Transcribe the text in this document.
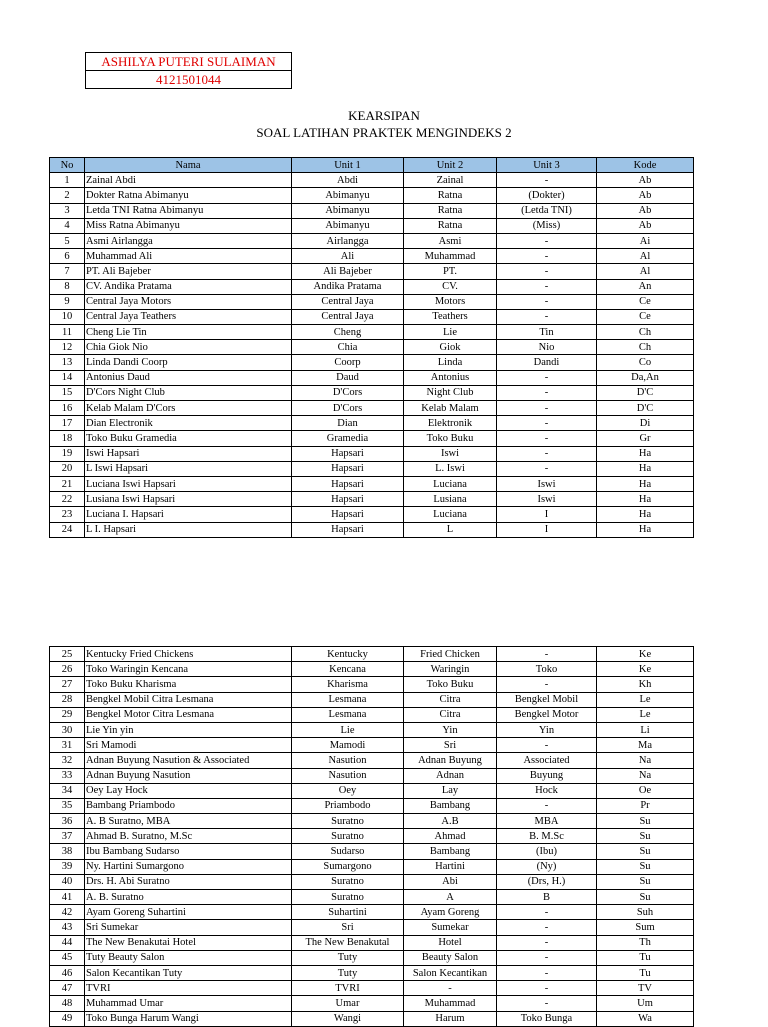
ASHILYA PUTERI SULAIMAN
4121501044
KEARSIPAN
SOAL LATIHAN PRAKTEK MENGINDEKS 2
No	Nama	Unit 1	Unit 2	Unit 3	Kode
1	Zainal Abdi	Abdi	Zainal	-	Ab
2	Dokter Ratna Abimanyu	Abimanyu	Ratna	(Dokter)	Ab
3	Letda TNI Ratna Abimanyu	Abimanyu	Ratna	(Letda TNI)	Ab
4	Miss Ratna Abimanyu	Abimanyu	Ratna	(Miss)	Ab
5	Asmi Airlangga	Airlangga	Asmi	-	Ai
6	Muhammad Ali	Ali	Muhammad	-	Al
7	PT. Ali Bajeber	Ali Bajeber	PT.	-	Al
8	CV. Andika Pratama	Andika Pratama	CV.	-	An
9	Central Jaya Motors	Central Jaya	Motors	-	Ce
10	Central Jaya Teathers	Central Jaya	Teathers	-	Ce
11	Cheng Lie Tin	Cheng	Lie	Tin	Ch
12	Chia Giok Nio	Chia	Giok	Nio	Ch
13	Linda Dandi Coorp	Coorp	Linda	Dandi	Co
14	Antonius Daud	Daud	Antonius	-	Da,An
15	D'Cors Night Club	D'Cors	Night Club	-	D'C
16	Kelab Malam D'Cors	D'Cors	Kelab Malam	-	D'C
17	Dian Electronik	Dian	Elektronik	-	Di
18	Toko Buku Gramedia	Gramedia	Toko Buku	-	Gr
19	Iswi Hapsari	Hapsari	Iswi	-	Ha
20	L Iswi Hapsari	Hapsari	L. Iswi	-	Ha
21	Luciana Iswi Hapsari	Hapsari	Luciana	Iswi	Ha
22	Lusiana Iswi Hapsari	Hapsari	Lusiana	Iswi	Ha
23	Luciana I. Hapsari	Hapsari	Luciana	I	Ha
24	L I. Hapsari	Hapsari	L	I	Ha
25	Kentucky Fried Chickens	Kentucky	Fried Chicken	-	Ke
26	Toko Waringin Kencana	Kencana	Waringin	Toko	Ke
27	Toko Buku Kharisma	Kharisma	Toko Buku	-	Kh
28	Bengkel Mobil Citra Lesmana	Lesmana	Citra	Bengkel Mobil	Le
29	Bengkel Motor Citra Lesmana	Lesmana	Citra	Bengkel Motor	Le
30	Lie Yin yin	Lie	Yin	Yin	Li
31	Sri Mamodi	Mamodi	Sri	-	Ma
32	Adnan Buyung Nasution & Associated	Nasution	Adnan Buyung	Associated	Na
33	Adnan Buyung Nasution	Nasution	Adnan	Buyung	Na
34	Oey Lay Hock	Oey	Lay	Hock	Oe
35	Bambang Priambodo	Priambodo	Bambang	-	Pr
36	A. B Suratno, MBA	Suratno	A.B	MBA	Su
37	Ahmad B. Suratno, M.Sc	Suratno	Ahmad	B. M.Sc	Su
38	Ibu Bambang Sudarso	Sudarso	Bambang	(Ibu)	Su
39	Ny. Hartini Sumargono	Sumargono	Hartini	(Ny)	Su
40	Drs. H. Abi Suratno	Suratno	Abi	(Drs, H.)	Su
41	A. B. Suratno	Suratno	A	B	Su
42	Ayam Goreng Suhartini	Suhartini	Ayam Goreng	-	Suh
43	Sri Sumekar	Sri	Sumekar	-	Sum
44	The New Benakutai Hotel	The New Benakutal	Hotel	-	Th
45	Tuty Beauty Salon	Tuty	Beauty Salon	-	Tu
46	Salon Kecantikan Tuty	Tuty	Salon Kecantikan	-	Tu
47	TVRI	TVRI	-	-	TV
48	Muhammad Umar	Umar	Muhammad	-	Um
49	Toko Bunga Harum Wangi	Wangi	Harum	Toko Bunga	Wa
